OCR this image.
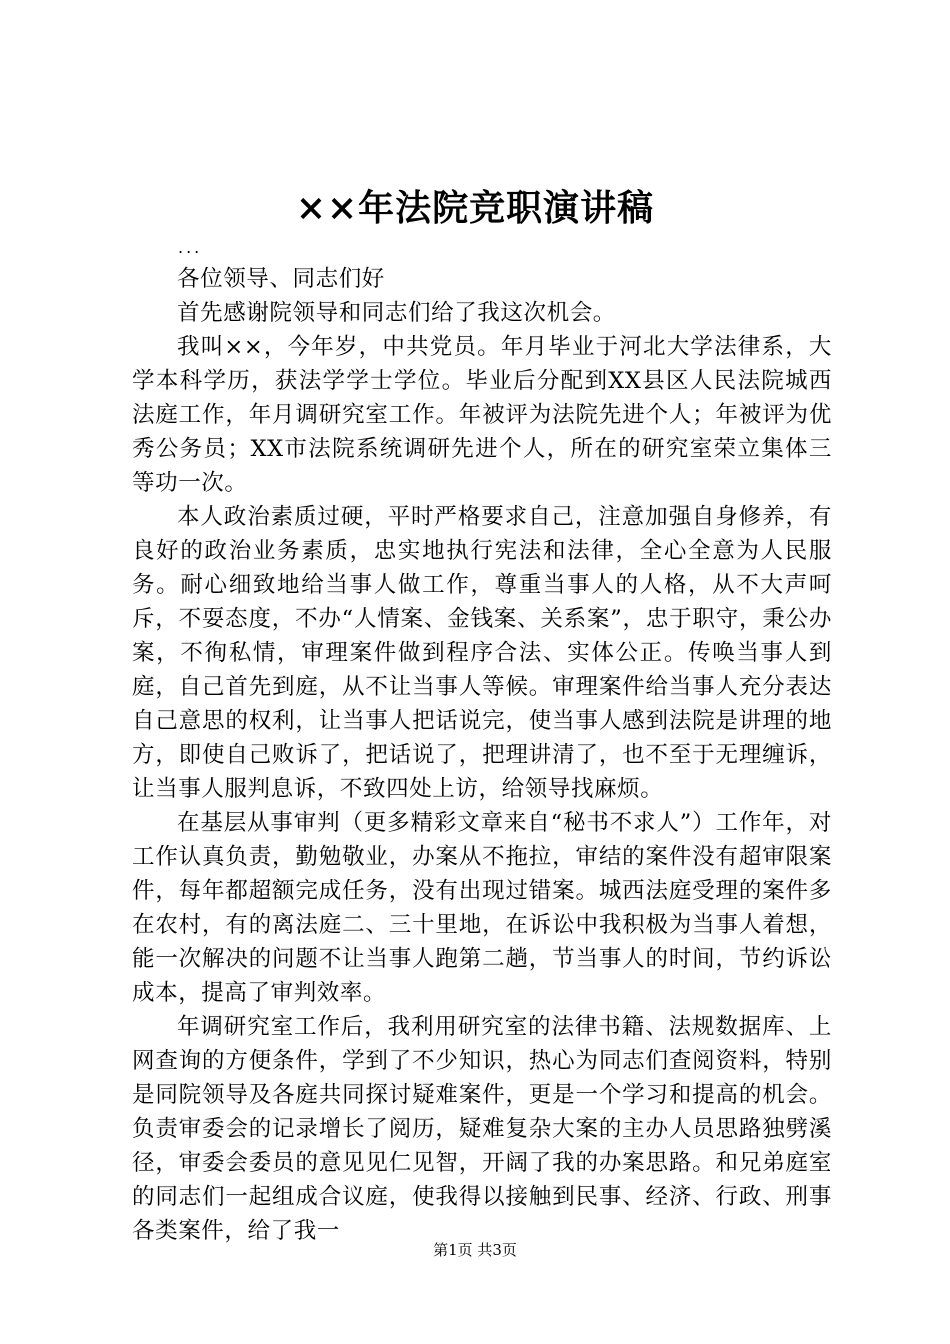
××年法院竞职演讲稿
...

各位领导、同志们好

首先感谢院领导和同志们给了我这次机会。

我叫××，今年岁，中共党员。年月毕业于河北大学法律系，大学本科学历，获法学学士学位。毕业后分配到XX县区人民法院城西法庭工作，年月调研究室工作。年被评为法院先进个人；年被评为优秀公务员；XX市法院系统调研先进个人，所在的研究室荣立集体三等功一次。

本人政治素质过硬，平时严格要求自己，注意加强自身修养，有良好的政治业务素质，忠实地执行宪法和法律，全心全意为人民服务。耐心细致地给当事人做工作，尊重当事人的人格，从不大声呵斥，不耍态度，不办“人情案、金钱案、关系案”，忠于职守，秉公办案，不徇私情，审理案件做到程序合法、实体公正。传唤当事人到庭，自己首先到庭，从不让当事人等候。审理案件给当事人充分表达自己意思的权利，让当事人把话说完，使当事人感到法院是讲理的地方，即使自己败诉了，把话说了，把理讲清了，也不至于无理缠诉，让当事人服判息诉，不致四处上访，给领导找麻烦。

在基层从事审判（更多精彩文章来自“秘书不求人”）工作年，对工作认真负责，勤勉敬业，办案从不拖拉，审结的案件没有超审限案件，每年都超额完成任务，没有出现过错案。城西法庭受理的案件多在农村，有的离法庭二、三十里地，在诉讼中我积极为当事人着想，能一次解决的问题不让当事人跑第二趟，节当事人的时间，节约诉讼成本，提高了审判效率。

年调研究室工作后，我利用研究室的法律书籍、法规数据库、上网查询的方便条件，学到了不少知识，热心为同志们查阅资料，特别是同院领导及各庭共同探讨疑难案件，更是一个学习和提高的机会。负责审委会的记录增长了阅历，疑难复杂大案的主办人员思路独劈溪径，审委会委员的意见见仁见智，开阔了我的办案思路。和兄弟庭室的同志们一起组成合议庭，使我得以接触到民事、经济、行政、刑事各类案件，给了我一

第1页 共3页
